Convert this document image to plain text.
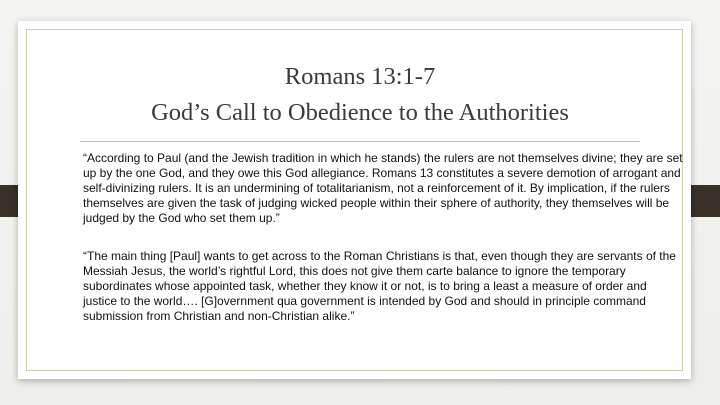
Romans 13:1-7
God’s Call to Obedience to the Authorities

“According to Paul (and the Jewish tradition in which he stands) the rulers are not themselves divine; they are set up by the one God, and they owe this God allegiance. Romans 13 constitutes a severe demotion of arrogant and self-divinizing rulers. It is an undermining of totalitarianism, not a reinforcement of it. By implication, if the rulers themselves are given the task of judging wicked people within their sphere of authority, they themselves will be judged by the God who set them up.”

“The main thing [Paul] wants to get across to the Roman Christians is that, even though they are servants of the Messiah Jesus, the world’s rightful Lord, this does not give them carte balance to ignore the temporary subordinates whose appointed task, whether they know it or not, is to bring a least a measure of order and justice to the world…. [G]overnment qua government is intended by God and should in principle command submission from Christian and non-Christian alike.”
